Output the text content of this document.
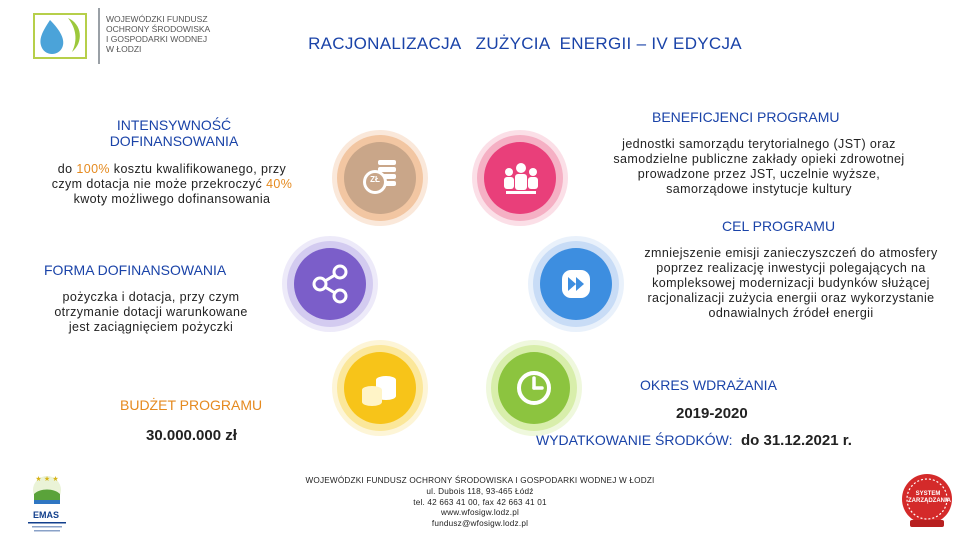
WOJEWÓDZKI FUNDUSZ
OCHRONY ŚRODOWISKA
I GOSPODARKI WODNEJ
W ŁODZI	RACJONALIZACJA   ZUŻYCIA  ENERGII – IV EDYCJA
INTENSYWNOŚĆ
DOFINANSOWANIA
do 100% kosztu kwalifikowanego, przy czym dotacja nie może przekroczyć 40% kwoty możliwego dofinansowania
FORMA DOFINANSOWANIA
pożyczka i dotacja, przy czym otrzymanie dotacji warunkowane jest zaciągnięciem pożyczki
BUDŻET PROGRAMU
30.000.000 zł
BENEFICJENCI PROGRAMU
jednostki samorządu terytorialnego (JST) oraz samodzielne publiczne zakłady opieki zdrowotnej prowadzone przez JST, uczelnie wyższe, samorządowe instytucje kultury
CEL PROGRAMU
zmniejszenie emisji zanieczyszczeń do atmosfery poprzez realizację inwestycji polegających na kompleksowej modernizacji budynków służącej racjonalizacji zużycia energii oraz wykorzystanie odnawialnych źródeł energii
OKRES WDRAŻANIA
2019-2020
WYDATKOWANIE ŚRODKÓW: do 31.12.2021 r.
ZŁ
WOJEWÓDZKI FUNDUSZ OCHRONY ŚRODOWISKA I GOSPODARKI WODNEJ W ŁODZI
ul. Dubois 118, 93-465 Łódź
tel. 42 663 41 00, fax 42 663 41 01
www.wfosigw.lodz.pl
fundusz@wfosigw.lodz.pl
★ ★ ★
EMAS
SYSTEM
ZARZĄDZANIA
